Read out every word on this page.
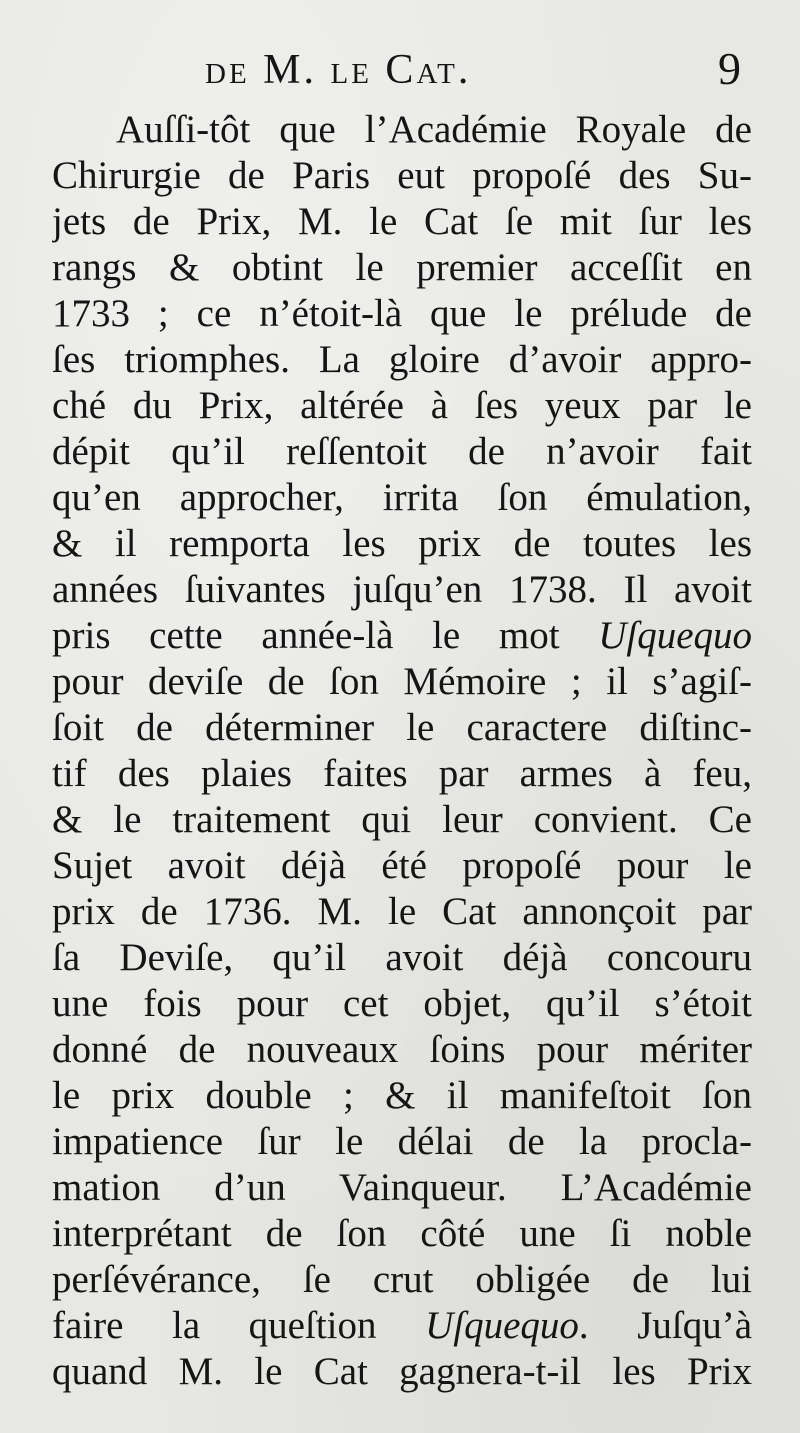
de M. le Cat.	9
Auſſi-tôt que l’Académie Royale de
Chirurgie de Paris eut propoſé des Su-
jets de Prix, M. le Cat ſe mit ſur les
rangs & obtint le premier acceſſit en
1733 ; ce n’étoit-là que le prélude de
ſes triomphes. La gloire d’avoir appro-
ché du Prix, altérée à ſes yeux par le
dépit qu’il reſſentoit de n’avoir fait
qu’en approcher, irrita ſon émulation,
& il remporta les prix de toutes les
années ſuivantes juſqu’en 1738. Il avoit
pris cette année-là le mot Uſquequo
pour deviſe de ſon Mémoire ; il s’agiſ-
ſoit de déterminer le caractere diſtinc-
tif des plaies faites par armes à feu,
& le traitement qui leur convient. Ce
Sujet avoit déjà été propoſé pour le
prix de 1736. M. le Cat annonçoit par
ſa Deviſe, qu’il avoit déjà concouru
une fois pour cet objet, qu’il s’étoit
donné de nouveaux ſoins pour mériter
le prix double ; & il manifeſtoit ſon
impatience ſur le délai de la procla-
mation d’un Vainqueur. L’Académie
interprétant de ſon côté une ſi noble
perſévérance, ſe crut obligée de lui
faire la queſtion Uſquequo. Juſqu’à
quand M. le Cat gagnera-t-il les Prix
